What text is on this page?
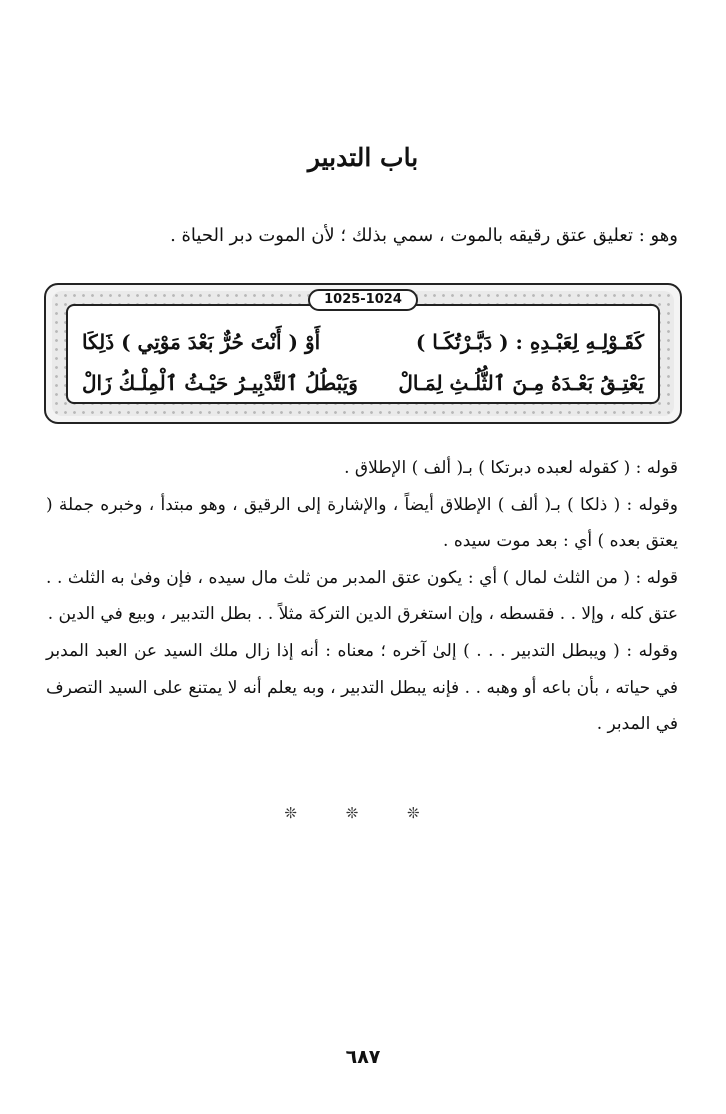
باب التدبير
وهو : تعليق عتق رقيقه بالموت ، سمي بذلك ؛ لأن الموت دبر الحياة .
1025-1024
كَقَـوْلِـهِ لِعَبْـدِهِ : ( دَبَّـرْتُكَـا )
أَوْ ( أَنْتَ حُرٌّ بَعْدَ مَوْتِي ) ذَلِكَا
يَعْتِـقُ بَعْـدَهُ مِـنَ ٱلثُّلُـثِ لِمَـالْ
وَيَبْطُلُ ٱلتَّدْبِيـرُ حَيْـثُ ٱلْمِلْـكُ زَالْ

قوله : ( كقوله لعبده دبرتكا ) بـ( ألف ) الإطلاق .

وقوله : ( ذلكا ) بـ( ألف ) الإطلاق أيضاً ، والإشارة إلى الرقيق ، وهو مبتدأ ، وخبره جملة ( يعتق بعده ) أي : بعد موت سيده .

قوله : ( من الثلث لمال ) أي : يكون عتق المدبر من ثلث مال سيده ، فإن وفىٰ به الثلث . . عتق كله ، وإلا . . فقسطه ، وإن استغرق الدين التركة مثلاً . . بطل التدبير ، وبيع في الدين .

وقوله : ( ويبطل التدبير . . . ) إلىٰ آخره ؛ معناه : أنه إذا زال ملك السيد عن العبد المدبر في حياته ، بأن باعه أو وهبه . . فإنه يبطل التدبير ، وبه يعلم أنه لا يمتنع على السيد التصرف في المدبر .

❊ ❊ ❊
٦٨٧
